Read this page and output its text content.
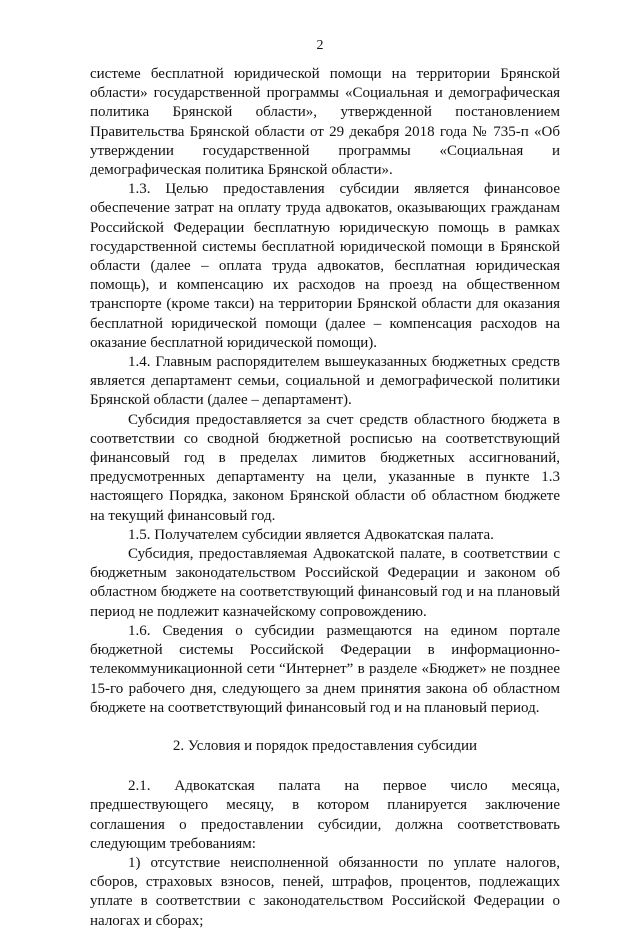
2

системе бесплатной юридической помощи на территории Брянской области» государственной программы «Социальная и демографическая политика Брянской области», утвержденной постановлением Правительства Брянской области от 29 декабря 2018 года № 735-п «Об утверждении государственной программы «Социальная и демографическая политика Брянской области».

1.3. Целью предоставления субсидии является финансовое обеспечение затрат на оплату труда адвокатов, оказывающих гражданам Российской Федерации бесплатную юридическую помощь в рамках государственной системы бесплатной юридической помощи в Брянской области (далее – оплата труда адвокатов, бесплатная юридическая помощь), и компенсацию их расходов на проезд на общественном транспорте (кроме такси) на территории Брянской области для оказания бесплатной юридической помощи (далее – компенсация расходов на оказание бесплатной юридической помощи).

1.4. Главным распорядителем вышеуказанных бюджетных средств является департамент семьи, социальной и демографической политики Брянской области (далее – департамент).

Субсидия предоставляется за счет средств областного бюджета в соответствии со сводной бюджетной росписью на соответствующий финансовый год в пределах лимитов бюджетных ассигнований, предусмотренных департаменту на цели, указанные в пункте 1.3 настоящего Порядка, законом Брянской области об областном бюджете на текущий финансовый год.

1.5. Получателем субсидии является Адвокатская палата.

Субсидия, предоставляемая Адвокатской палате, в соответствии с бюджетным законодательством Российской Федерации и законом об областном бюджете на соответствующий финансовый год и на плановый период не подлежит казначейскому сопровождению.

1.6. Сведения о субсидии размещаются на едином портале бюджетной системы Российской Федерации в информационно-телекоммуникационной сети “Интернет” в разделе «Бюджет» не позднее 15-го рабочего дня, следующего за днем принятия закона об областном бюджете на соответствующий финансовый год и на плановый период.

2. Условия и порядок предоставления субсидии

2.1. Адвокатская палата на первое число месяца, предшествующего месяцу, в котором планируется заключение соглашения о предоставлении субсидии, должна соответствовать следующим требованиям:

1) отсутствие неисполненной обязанности по уплате налогов, сборов, страховых взносов, пеней, штрафов, процентов, подлежащих уплате в соответствии с законодательством Российской Федерации о налогах и сборах;
